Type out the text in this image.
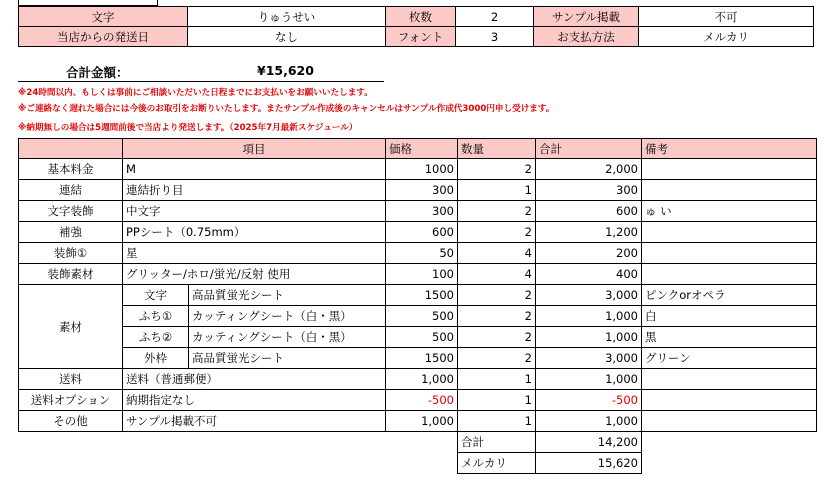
文字	りゅうせい	枚数	2	サンプル掲載	不可
当店からの発送日	なし	フォント	3	お支払方法	メルカリ
合計金額：	¥15,620
※24時間以内、もしくは事前にご相談いただいた日程までにお支払いをお願いいたします。
※ご連絡なく遅れた場合には今後のお取引をお断りいたします。またサンプル作成後のキャンセルはサンプル作成代3000円申し受けます。
※納期無しの場合は5週間前後で当店より発送します。（2025年7月最新スケジュール）
	項目		価格	数量	合計	備考
基本料金	M		1000	2	2,000	
連結	連結折り目		300	1	300	
文字装飾	中文字		300	2	600	ゅ い
補強	PPシート（0.75mm）		600	2	1,200	
装飾①	星		50	4	200	
装飾素材	グリッター/ホロ/蛍光/反射 使用		100	4	400	
素材	文字	高品質蛍光シート	1500	2	3,000	ピンクorオペラ
	ふち①	カッティングシート（白・黒）	500	2	1,000	白
	ふち②	カッティングシート（白・黒）	500	2	1,000	黒
	外枠	高品質蛍光シート	1500	2	3,000	グリーン
送料	送料（普通郵便）		1,000	1	1,000	
送料オプション	納期指定なし		-500	1	-500	
その他	サンプル掲載不可		1,000	1	1,000	
				合計	14,200	
				メルカリ	15,620	
